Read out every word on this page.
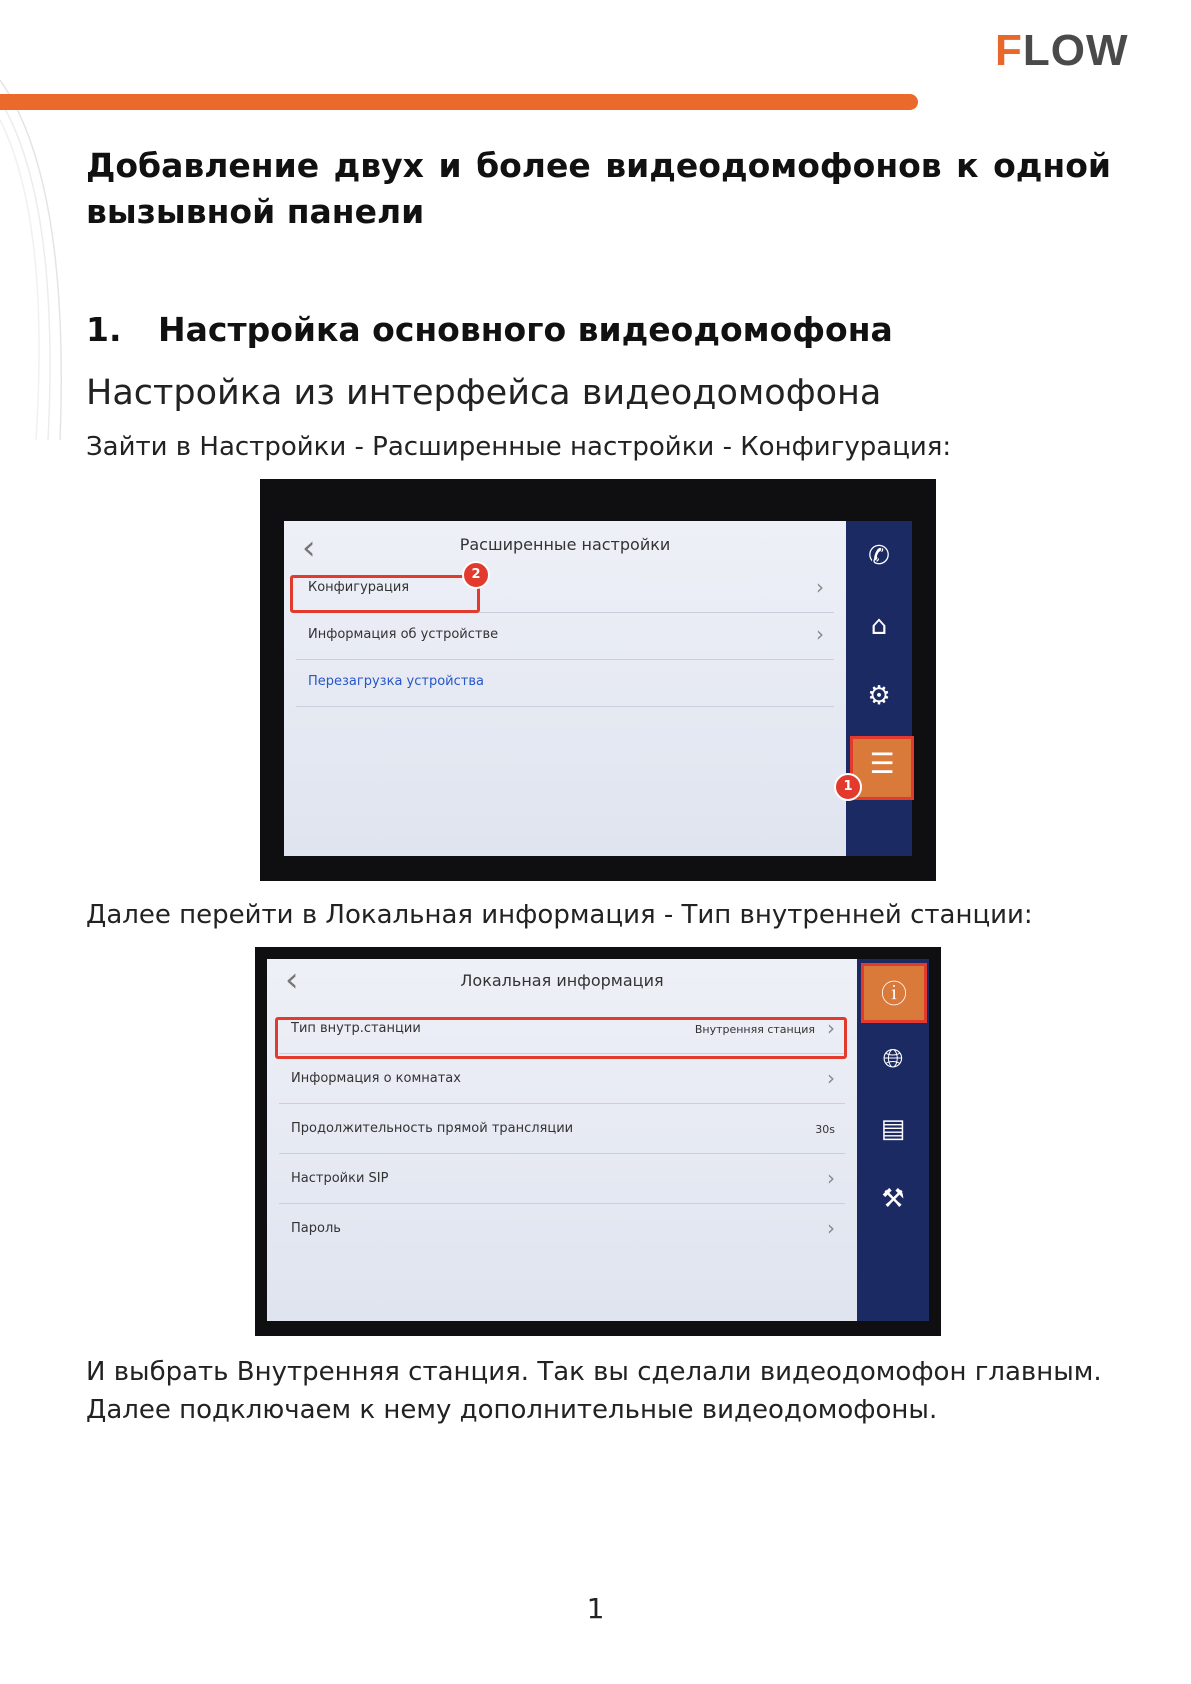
F LOW
Добавление двух и более видеодомофонов к одной вызывной панели
1.	Настройка основного видеодомофона
Настройка из интерфейса видеодомофона

Зайти в Настройки - Расширенные настройки - Конфигурация:

‹	Расширенные настройки
Конфигурация	›
Информация об устройстве	›
Перезагрузка устройства
2
✆
⌂
⚙
☰
1

Далее перейти в Локальная информация - Тип внутренней станции:

‹	Локальная информация
Тип внутр.станции	Внутренняя станция ›
Информация о комнатах	›
Продолжительность прямой трансляции	30s
Настройки SIP	›
Пароль	›
ⓘ
🌐︎
▤
⚒

И выбрать Внутренняя станция. Так вы сделали видеодомофон главным. Далее подключаем к нему дополнительные видеодомофоны.

1
